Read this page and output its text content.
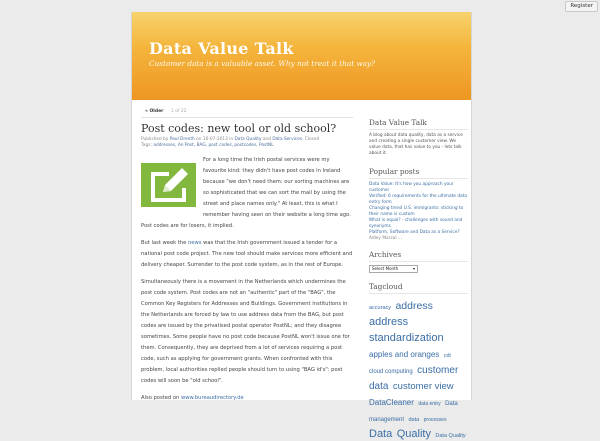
Register
Data Value Talk
Customer data is a valuable asset. Why not treat it that way?
« Older 1 of 22
Post codes: new tool or old school?
Published by Paul Drenth on 16-07-2013 in Data Quality and Data Services. Closed
Tags: addresses, An Post, BAG, post codes, postcodes, PostNL

For a long time the Irish postal services were my favourite kind: they didn't have post codes in Ireland because "we don't need them: our sorting machines are so sophisticated that we can sort the mail by using the street and place names only." At least, this is what I remember having seen on their website a long time ago. Post codes are for losers, it implied.

But last week the news was that the Irish government issued a tender for a national post code project. The new tool should make services more efficient and delivery cheaper. Surrender to the post code system, as in the rest of Europe.

Simultaneously there is a movement in the Netherlands which undermines the post code system. Post codes are not an "authentic" part of the "BAG", the Common Key Registers for Addresses and Buildings. Government institutions in the Netherlands are forced by law to use address data from the BAG, but post codes are issued by the privatised postal operator PostNL; and they disagree sometimes. Some people have no post code because PostNL won't issue one for them. Consequently, they are deprived from a lot of services requiring a post code, such as applying for government grants. When confronted with this problem, local authorities replied people should turn to using "BAG id's": post codes will soon be "old school".

Also posted on www.bureaudirectory.de

Data Value Talk
A blog about data quality, data as a service and creating a single customer view. We value data, that has value to you - lets talk about it.
Popular posts
Data Value: It's how you approach your customer
Verified: 6 requirements for the ultimate data entry form
Changing trend U.S. immigrants: sticking to their name is custom
What is equal? - challenges with sound and synonyms
Platform, Software and Data as a Service?
Adley Marzal ...
Archives
Select Month	▾
Tagcloud
accuracy address address standardization apples and oranges cdi cloud computing customer data customer view DataCleaner data entry Data management data processes Data Quality Data Quality
